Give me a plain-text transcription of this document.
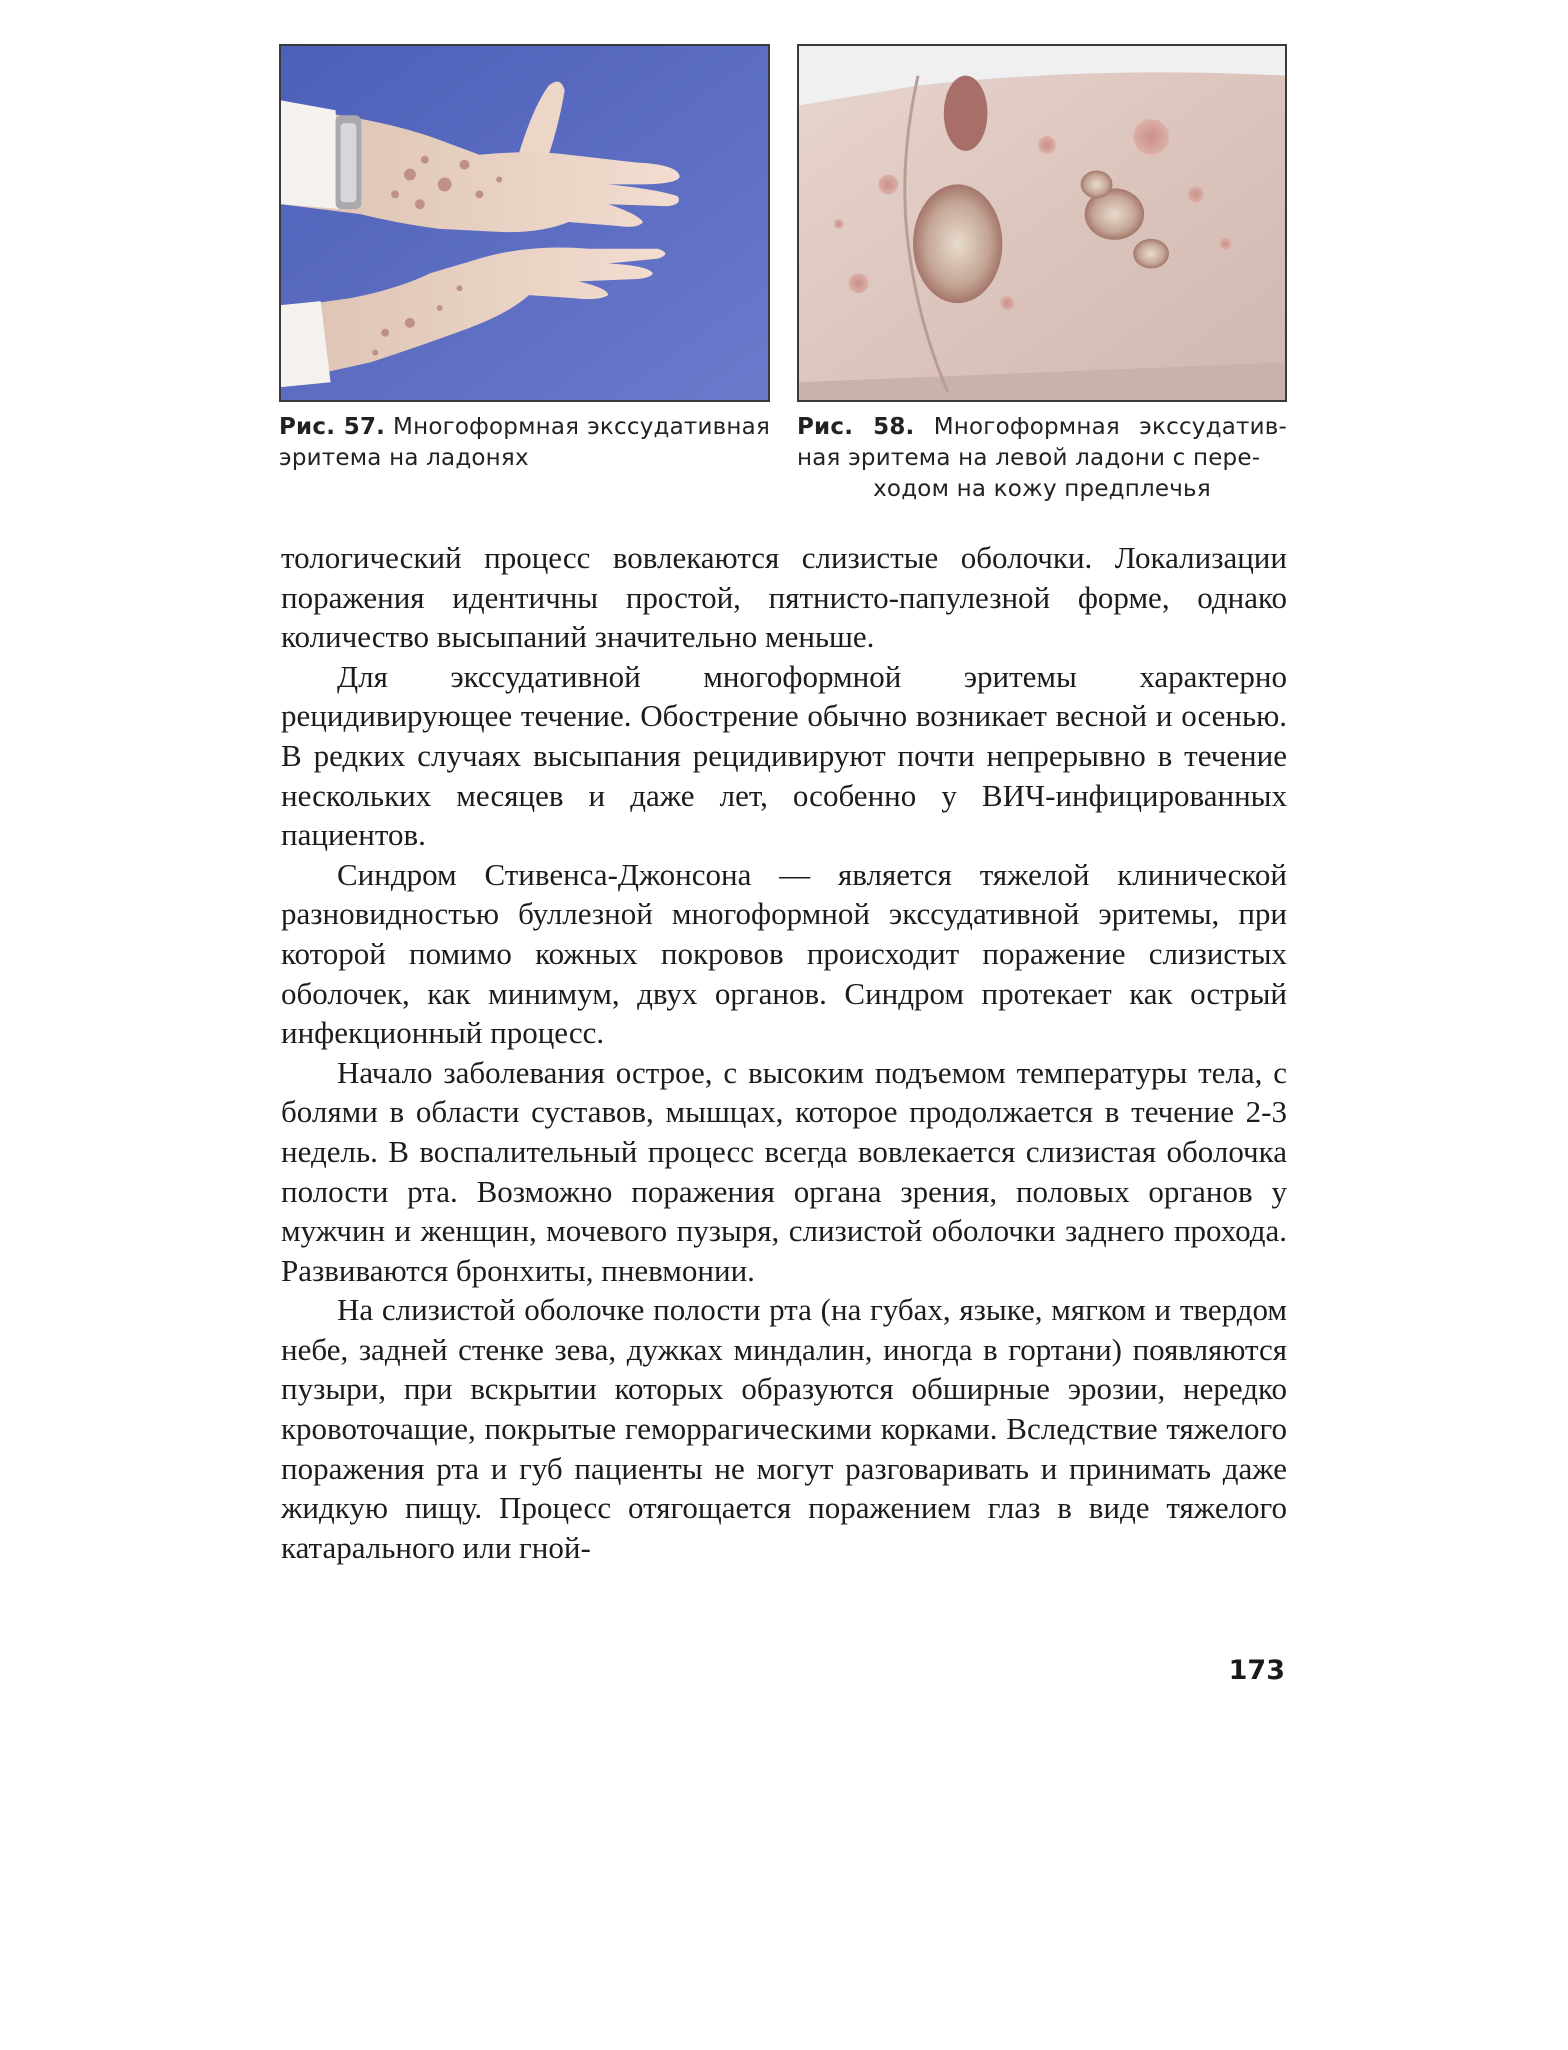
Рис. 57. Многоформная экссудативная эритема на ладонях
Рис. 58. Многоформная экссудатив- ная эритема на левой ладони с пере-
ходом на кожу предплечья

тологический процесс вовлекаются слизистые оболочки. Локализации поражения идентичны простой, пятнисто-папулезной форме, однако количество высыпаний значительно меньше.

Для экссудативной многоформной эритемы характерно рецидивирующее течение. Обострение обычно возникает весной и осенью. В редких случаях высыпания рецидивируют почти непрерывно в течение нескольких месяцев и даже лет, особенно у ВИЧ-инфицированных пациентов.

Синдром Стивенса-Джонсона — является тяжелой клинической разновидностью буллезной многоформной экссудативной эритемы, при которой помимо кожных покровов происходит поражение слизистых оболочек, как минимум, двух органов. Синдром протекает как острый инфекционный процесс.

Начало заболевания острое, с высоким подъемом температуры тела, с болями в области суставов, мышцах, которое продолжается в течение 2-3 недель. В воспалительный процесс всегда вовлекается слизистая оболочка полости рта. Возможно поражения органа зрения, половых органов у мужчин и женщин, мочевого пузыря, слизистой оболочки заднего прохода. Развиваются бронхиты, пневмонии.

На слизистой оболочке полости рта (на губах, языке, мягком и твердом небе, задней стенке зева, дужках миндалин, иногда в гортани) появляются пузыри, при вскрытии которых образуются обширные эрозии, нередко кровоточащие, покрытые геморрагическими корками. Вследствие тяжелого поражения рта и губ пациенты не могут разговаривать и принимать даже жидкую пищу. Процесс отягощается поражением глаз в виде тяжелого катарального или гной-

173
